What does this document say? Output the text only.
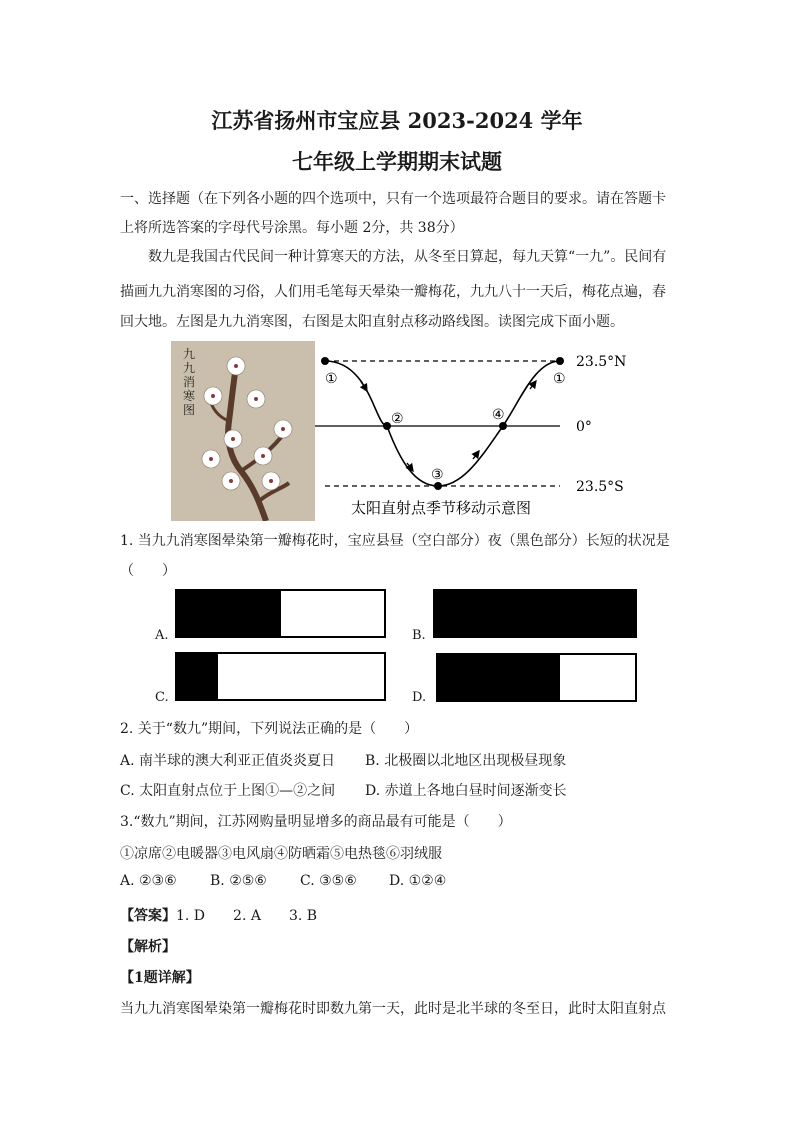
江苏省扬州市宝应县 2023-2024 学年
七年级上学期期末试题
一、选择题（在下列各小题的四个选项中，只有一个选项最符合题目的要求。请在答题卡
上将所选答案的字母代号涂黑。每小题 2分，共 38分）
数九是我国古代民间一种计算寒天的方法，从冬至日算起，每九天算“一九”。民间有
描画九九消寒图的习俗，人们用毛笔每天晕染一瓣梅花，九九八十一天后，梅花点遍，春
回大地。左图是九九消寒图，右图是太阳直射点移动路线图。读图完成下面小题。
九九消寒图
①
②
③
④
①
23.5°N
0°
23.5°S
太阳直射点季节移动示意图
1. 当九九消寒图晕染第一瓣梅花时，宝应县昼（空白部分）夜（黑色部分）长短的状况是
（　　）
A.	B.
C.	D.
2. 关于“数九”期间，下列说法正确的是（　　）
A. 南半球的澳大利亚正值炎炎夏日 B. 北极圈以北地区出现极昼现象
C. 太阳直射点位于上图①—②之间 D. 赤道上各地白昼时间逐渐变长
3.“数九”期间，江苏网购量明显增多的商品最有可能是（　　）
①凉席②电暖器③电风扇④防晒霜⑤电热毯⑥羽绒服
A. ②③⑥ B. ②⑤⑥ C. ③⑤⑥ D. ①②④
【答案】1. D　　2. A　　3. B
【解析】
【1题详解】
当九九消寒图晕染第一瓣梅花时即数九第一天，此时是北半球的冬至日，此时太阳直射点
